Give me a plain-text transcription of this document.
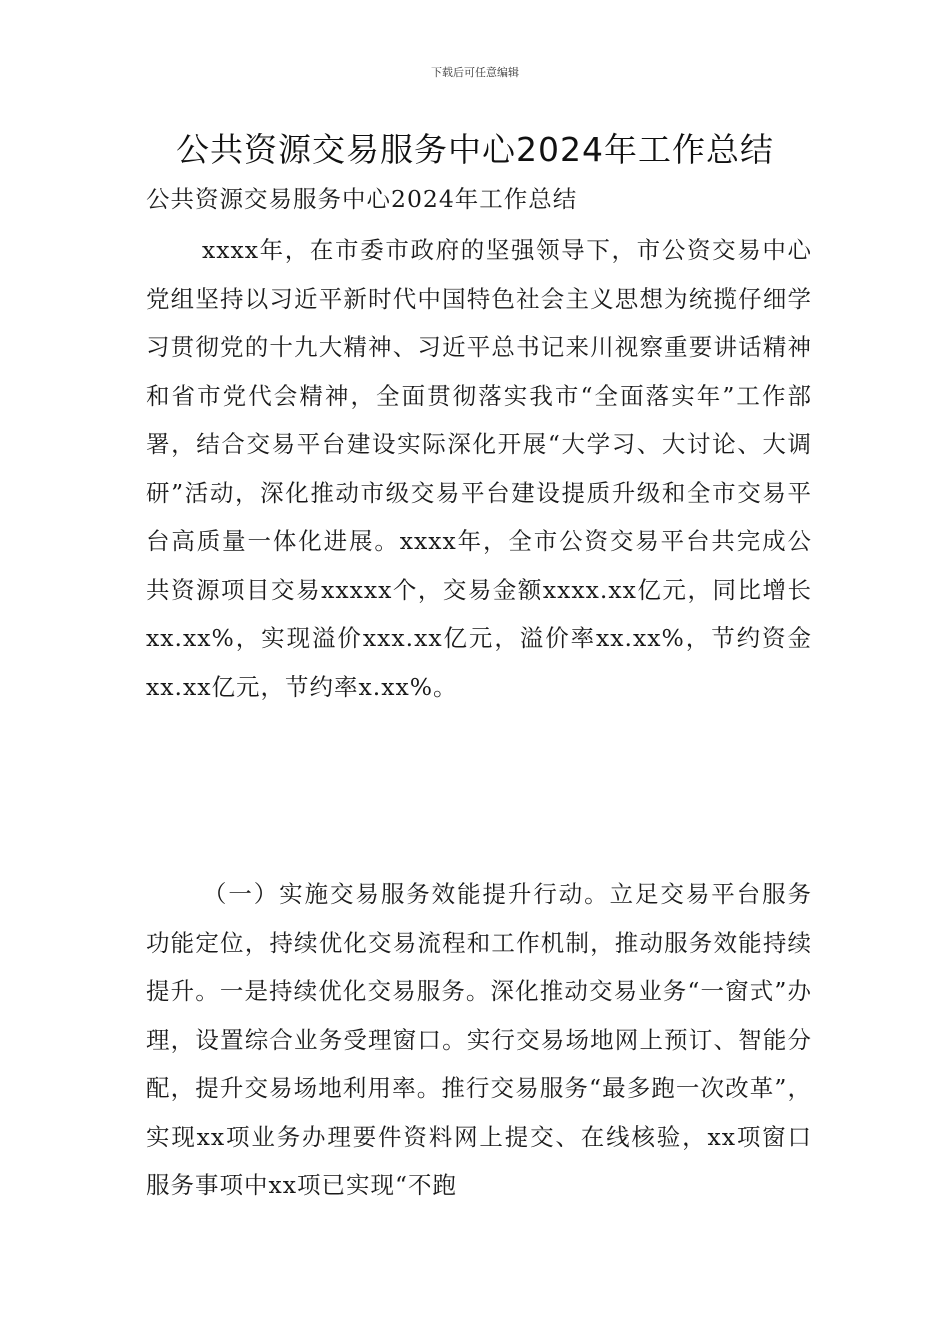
下载后可任意编辑
公共资源交易服务中心2024年工作总结
公共资源交易服务中心2024年工作总结

xxxx年，在市委市政府的坚强领导下，市公资交易中心党组坚持以习近平新时代中国特色社会主义思想为统揽仔细学习贯彻党的十九大精神、习近平总书记来川视察重要讲话精神和省市党代会精神，全面贯彻落实我市“全面落实年”工作部署，结合交易平台建设实际深化开展“大学习、大讨论、大调研”活动，深化推动市级交易平台建设提质升级和全市交易平台高质量一体化进展。xxxx年，全市公资交易平台共完成公共资源项目交易xxxxx个，交易金额xxxx.xx亿元，同比增长xx.xx%，实现溢价xxx.xx亿元，溢价率xx.xx%，节约资金xx.xx亿元，节约率x.xx%。

（一）实施交易服务效能提升行动。立足交易平台服务功能定位，持续优化交易流程和工作机制，推动服务效能持续提升。一是持续优化交易服务。深化推动交易业务“一窗式”办理，设置综合业务受理窗口。实行交易场地网上预订、智能分配，提升交易场地利用率。推行交易服务“最多跑一次改革”，实现xx项业务办理要件资料网上提交、在线核验，xx项窗口服务事项中xx项已实现“不跑
